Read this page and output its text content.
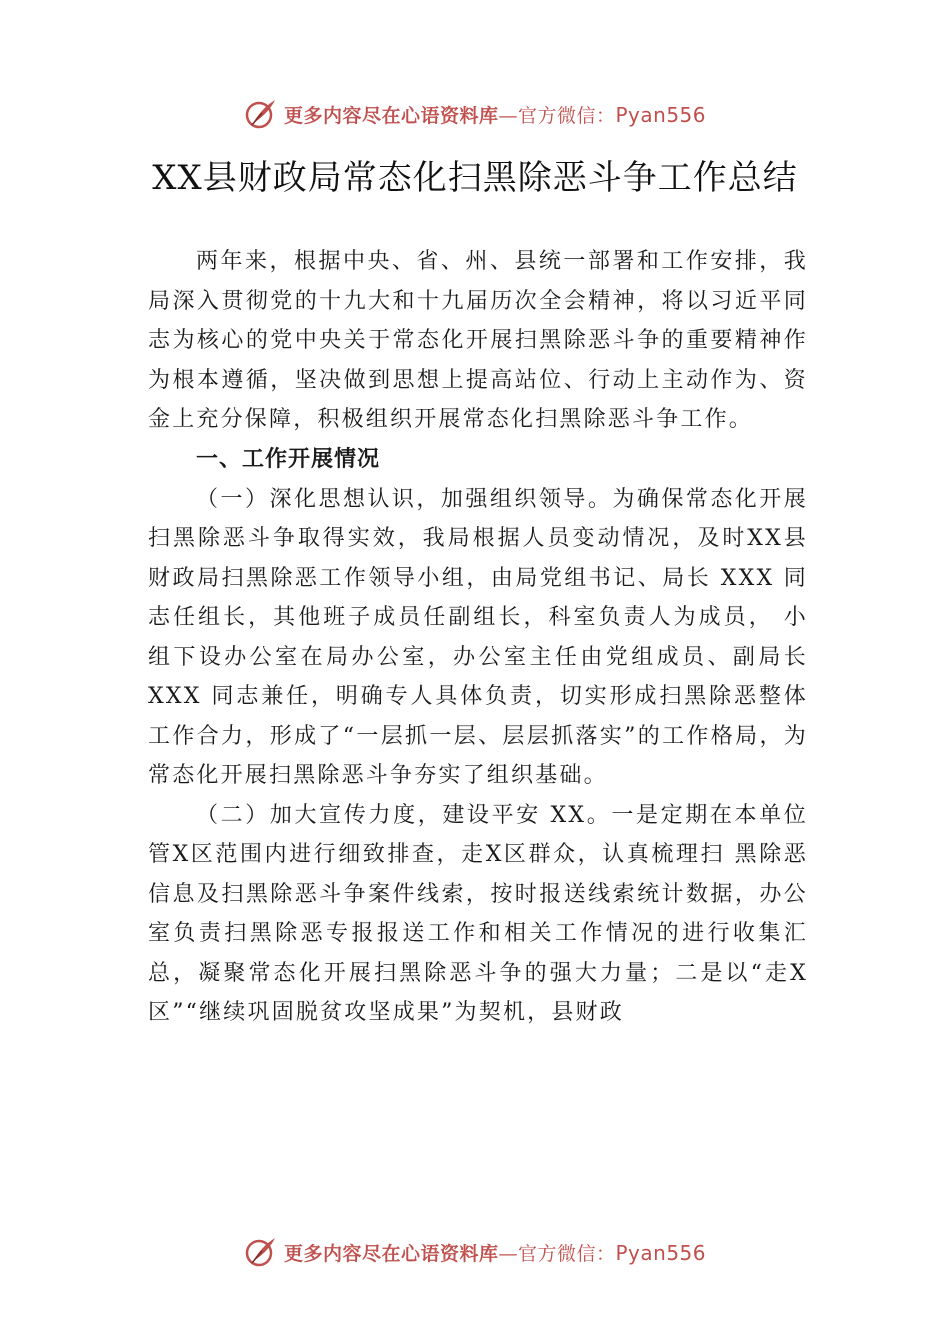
更多内容尽在心语资料库—官方微信：Pyan556
XX县财政局常态化扫黑除恶斗争工作总结

两年来，根据中央、省、州、县统一部署和工作安排，我局深入贯彻党的十九大和十九届历次全会精神，将以习近平同志为核心的党中央关于常态化开展扫黑除恶斗争的重要精神作为根本遵循，坚决做到思想上提高站位、行动上主动作为、资金上充分保障，积极组织开展常态化扫黑除恶斗争工作。

一、工作开展情况

（一）深化思想认识，加强组织领导。为确保常态化开展扫黑除恶斗争取得实效，我局根据人员变动情况，及时XX县财政局扫黑除恶工作领导小组，由局党组书记、局长 XXX 同志任组长，其他班子成员任副组长，科室负责人为成员， 小组下设办公室在局办公室，办公室主任由党组成员、副局长 XXX 同志兼任，明确专人具体负责，切实形成扫黑除恶整体工作合力，形成了“一层抓一层、层层抓落实”的工作格局，为常态化开展扫黑除恶斗争夯实了组织基础。

（二）加大宣传力度，建设平安 XX。一是定期在本单位管X区范围内进行细致排查，走X区群众，认真梳理扫 黑除恶信息及扫黑除恶斗争案件线索，按时报送线索统计数据，办公室负责扫黑除恶专报报送工作和相关工作情况的进行收集汇总，凝聚常态化开展扫黑除恶斗争的强大力量；二是以“走X区”“继续巩固脱贫攻坚成果”为契机，县财政

更多内容尽在心语资料库—官方微信：Pyan556
